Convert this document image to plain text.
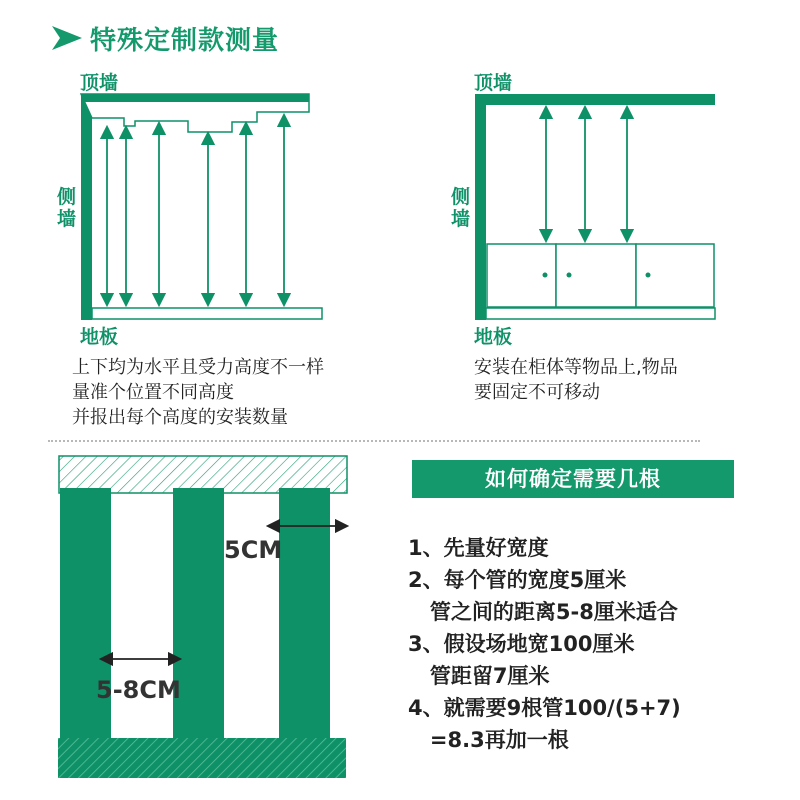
特殊定制款测量
顶墙
侧墙
地板
上下均为水平且受力高度不一样
量准个位置不同高度
并报出每个高度的安装数量
顶墙
侧墙
地板
安装在柜体等物品上,物品
要固定不可移动
5CM
5-8CM
如何确定需要几根
1、先量好宽度
2、每个管的宽度5厘米
管之间的距离5-8厘米适合
3、假设场地宽100厘米
管距留7厘米
4、就需要9根管100/(5+7)
=8.3再加一根
